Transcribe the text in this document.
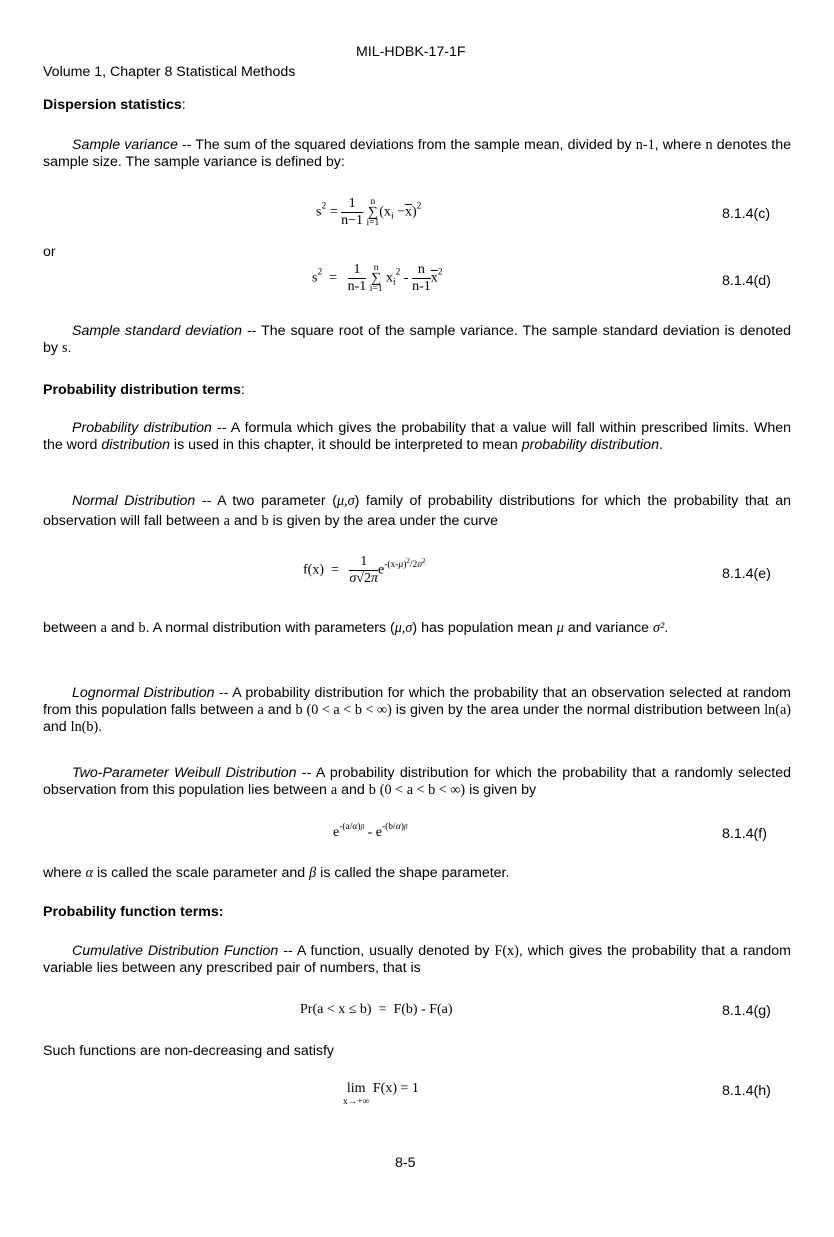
MIL-HDBK-17-1F
Volume 1, Chapter 8 Statistical Methods
Dispersion statistics:
Sample variance -- The sum of the squared deviations from the sample mean, divided by n-1, where n denotes the sample size. The sample variance is defined by:
$s^2 = \frac{1}{n-1}$
n
∑
i=1
$(x_i -\overline{x})^2$	8.1.4(c)
or
$s^2 = \frac{1}{n-1}$
n
∑
i=1
$x_i^2 - \frac{n}{n-1} \overline{x}^2$
8.1.4(d)
Sample standard deviation -- The square root of the sample variance. The sample standard deviation is denoted by s.
Probability distribution terms:
Probability distribution -- A formula which gives the probability that a value will fall within prescribed limits. When the word distribution is used in this chapter, it should be interpreted to mean probability distribution.
Normal Distribution -- A two parameter (μ,σ) family of probability distributions for which the probability that an observation will fall between a and b is given by the area under the curve
$f(x) = \frac{1}{\sigma√2\pi} e^{-(x-\mu)^2/2\sigma^2}$
8.1.4(e)
between a and b. A normal distribution with parameters (μ,σ) has population mean μ and variance σ².
Lognormal Distribution -- A probability distribution for which the probability that an observation selected at random from this population falls between a and b (0 < a < b < ∞) is given by the area under the normal distribution between ln(a) and ln(b).
Two-Parameter Weibull Distribution -- A probability distribution for which the probability that a randomly selected observation from this population lies between a and b (0 < a < b < ∞) is given by
$e^{-(a/\alpha)\beta} - e^{-(b/\alpha)\beta}$	8.1.4(f)
where α is called the scale parameter and β is called the shape parameter.
Probability function terms:
Cumulative Distribution Function -- A function, usually denoted by F(x), which gives the probability that a random variable lies between any prescribed pair of numbers, that is
Pr(a < x ≤ b)  =  F(b) - F(a)	8.1.4(g)
Such functions are non-decreasing and satisfy
lim
x→+∞
F(x) = 1	8.1.4(h)
8-5
